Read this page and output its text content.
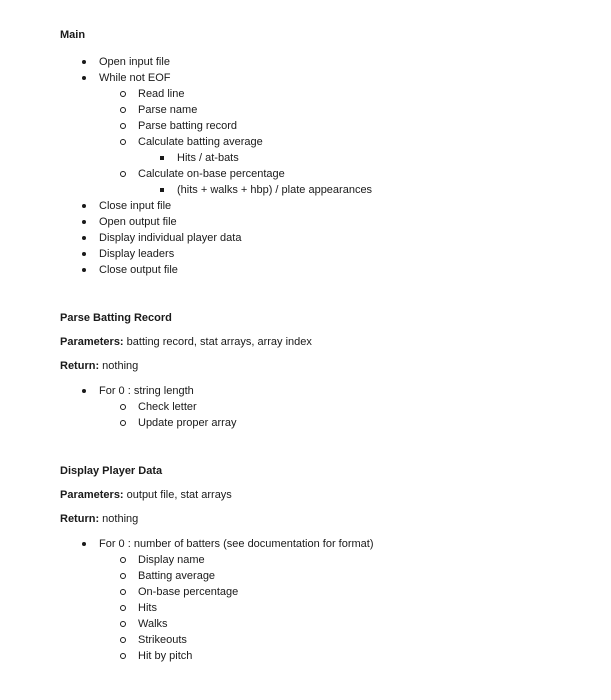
Main

Open input file
While not EOF
Read line
Parse name
Parse batting record
Calculate batting average
Hits / at-bats
Calculate on-base percentage
(hits + walks + hbp) / plate appearances
Close input file
Open output file
Display individual player data
Display leaders
Close output file

Parse Batting Record

Parameters: batting record, stat arrays, array index

Return: nothing

For 0 : string length
Check letter
Update proper array

Display Player Data

Parameters: output file, stat arrays

Return: nothing

For 0 : number of batters (see documentation for format)
Display name
Batting average
On-base percentage
Hits
Walks
Strikeouts
Hit by pitch
